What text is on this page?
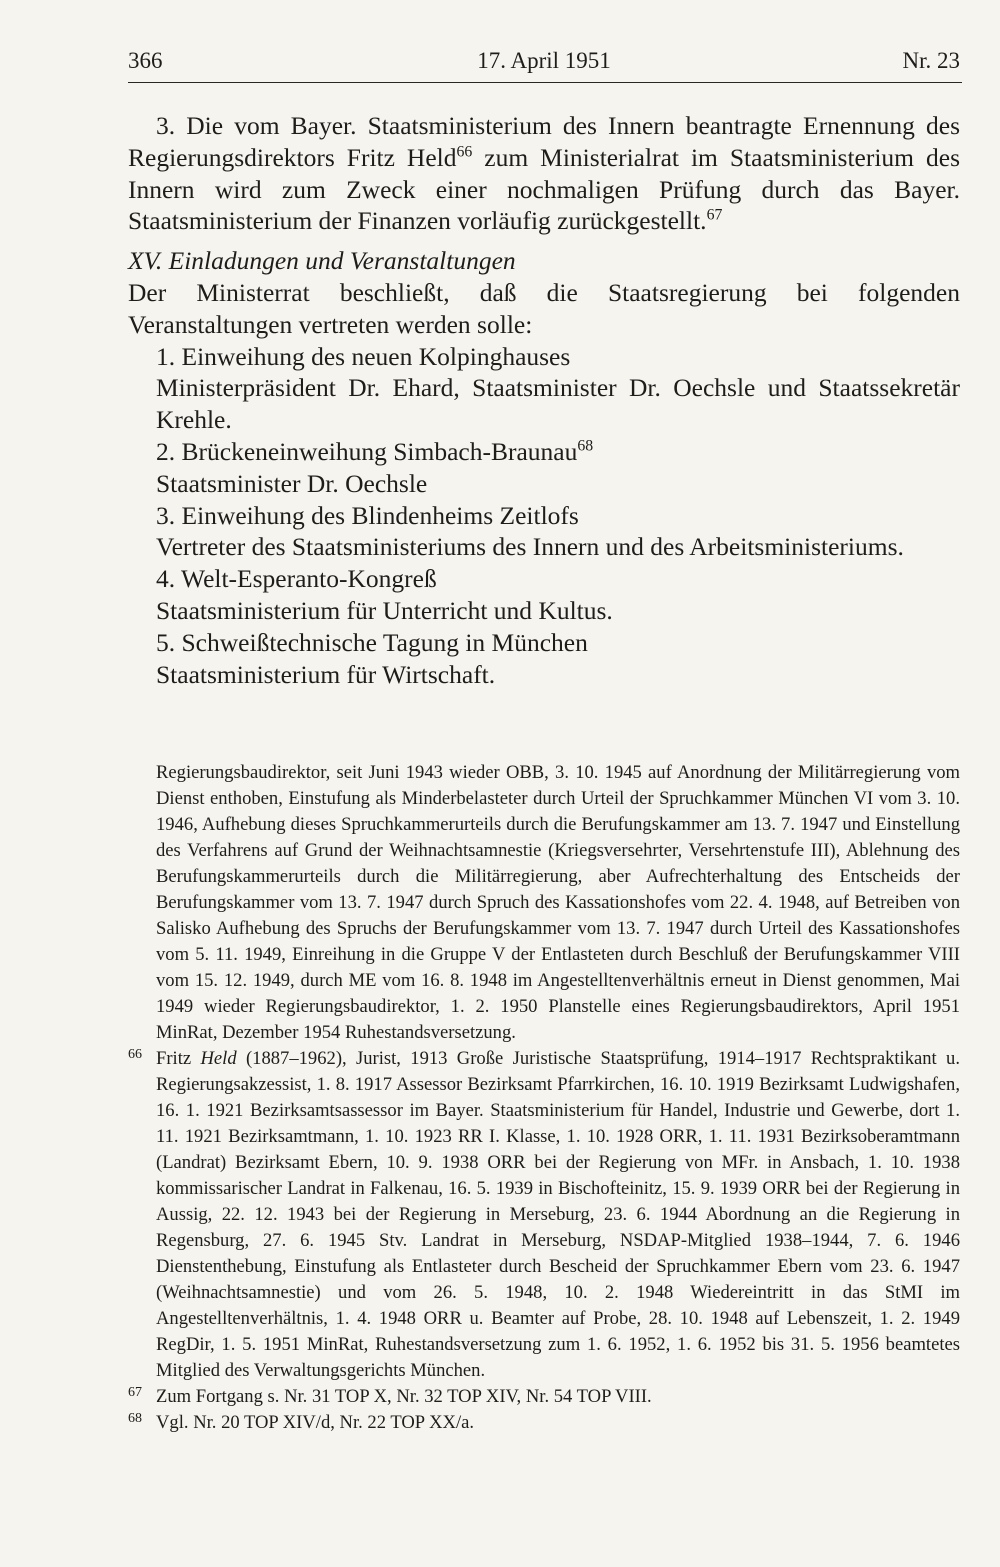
366	17. April 1951	Nr. 23

3. Die vom Bayer. Staatsministerium des Innern beantragte Ernennung des Regierungsdirektors Fritz Held$^{66}$ zum Ministerialrat im Staatsministerium des Innern wird zum Zweck einer nochmaligen Prüfung durch das Bayer. Staatsministerium der Finanzen vorläufig zurückgestellt.$^{67}$

XV. Einladungen und Veranstaltungen

Der Ministerrat beschließt, daß die Staatsregierung bei folgenden Veranstaltungen vertreten werden solle:

1. Einweihung des neuen Kolpinghauses

Ministerpräsident Dr. Ehard, Staatsminister Dr. Oechsle und Staatssekretär Krehle.

2. Brückeneinweihung Simbach-Braunau$^{68}$

Staatsminister Dr. Oechsle

3. Einweihung des Blindenheims Zeitlofs

Vertreter des Staatsministeriums des Innern und des Arbeitsministeriums.

4. Welt-Esperanto-Kongreß

Staatsministerium für Unterricht und Kultus.

5. Schweißtechnische Tagung in München

Staatsministerium für Wirtschaft.

Regierungsbaudirektor, seit Juni 1943 wieder OBB, 3. 10. 1945 auf Anordnung der Militärregierung vom Dienst enthoben, Einstufung als Minderbelasteter durch Urteil der Spruchkammer München VI vom 3. 10. 1946, Aufhebung dieses Spruchkammerurteils durch die Berufungskammer am 13. 7. 1947 und Einstellung des Verfahrens auf Grund der Weihnachtsamnestie (Kriegsversehrter, Versehrtenstufe III), Ablehnung des Berufungskammerurteils durch die Militärregierung, aber Aufrechterhaltung des Entscheids der Berufungskammer vom 13. 7. 1947 durch Spruch des Kassationshofes vom 22. 4. 1948, auf Betreiben von Salisko Aufhebung des Spruchs der Berufungskammer vom 13. 7. 1947 durch Urteil des Kassationshofes vom 5. 11. 1949, Einreihung in die Gruppe V der Entlasteten durch Beschluß der Berufungskammer VIII vom 15. 12. 1949, durch ME vom 16. 8. 1948 im Angestelltenverhältnis erneut in Dienst genommen, Mai 1949 wieder Regierungsbaudirektor, 1. 2. 1950 Planstelle eines Regierungsbaudirektors, April 1951 MinRat, Dezember 1954 Ruhestandsversetzung.

66 Fritz Held (1887–1962), Jurist, 1913 Große Juristische Staatsprüfung, 1914–1917 Rechtspraktikant u. Regierungsakzessist, 1. 8. 1917 Assessor Bezirksamt Pfarrkirchen, 16. 10. 1919 Bezirksamt Ludwigshafen, 16. 1. 1921 Bezirksamtsassessor im Bayer. Staatsministerium für Handel, Industrie und Gewerbe, dort 1. 11. 1921 Bezirksamtmann, 1. 10. 1923 RR I. Klasse, 1. 10. 1928 ORR, 1. 11. 1931 Bezirksoberamtmann (Landrat) Bezirksamt Ebern, 10. 9. 1938 ORR bei der Regierung von MFr. in Ansbach, 1. 10. 1938 kommissarischer Landrat in Falkenau, 16. 5. 1939 in Bischofteinitz, 15. 9. 1939 ORR bei der Regierung in Aussig, 22. 12. 1943 bei der Regierung in Merseburg, 23. 6. 1944 Abordnung an die Regierung in Regensburg, 27. 6. 1945 Stv. Landrat in Merseburg, NSDAP-Mitglied 1938–1944, 7. 6. 1946 Dienstenthebung, Einstufung als Entlasteter durch Bescheid der Spruchkammer Ebern vom 23. 6. 1947 (Weihnachtsamnestie) und vom 26. 5. 1948, 10. 2. 1948 Wiedereintritt in das StMI im Angestelltenverhältnis, 1. 4. 1948 ORR u. Beamter auf Probe, 28. 10. 1948 auf Lebenszeit, 1. 2. 1949 RegDir, 1. 5. 1951 MinRat, Ruhestandsversetzung zum 1. 6. 1952, 1. 6. 1952 bis 31. 5. 1956 beamtetes Mitglied des Verwaltungsgerichts München.

67 Zum Fortgang s. Nr. 31 TOP X, Nr. 32 TOP XIV, Nr. 54 TOP VIII.

68 Vgl. Nr. 20 TOP XIV/d, Nr. 22 TOP XX/a.
